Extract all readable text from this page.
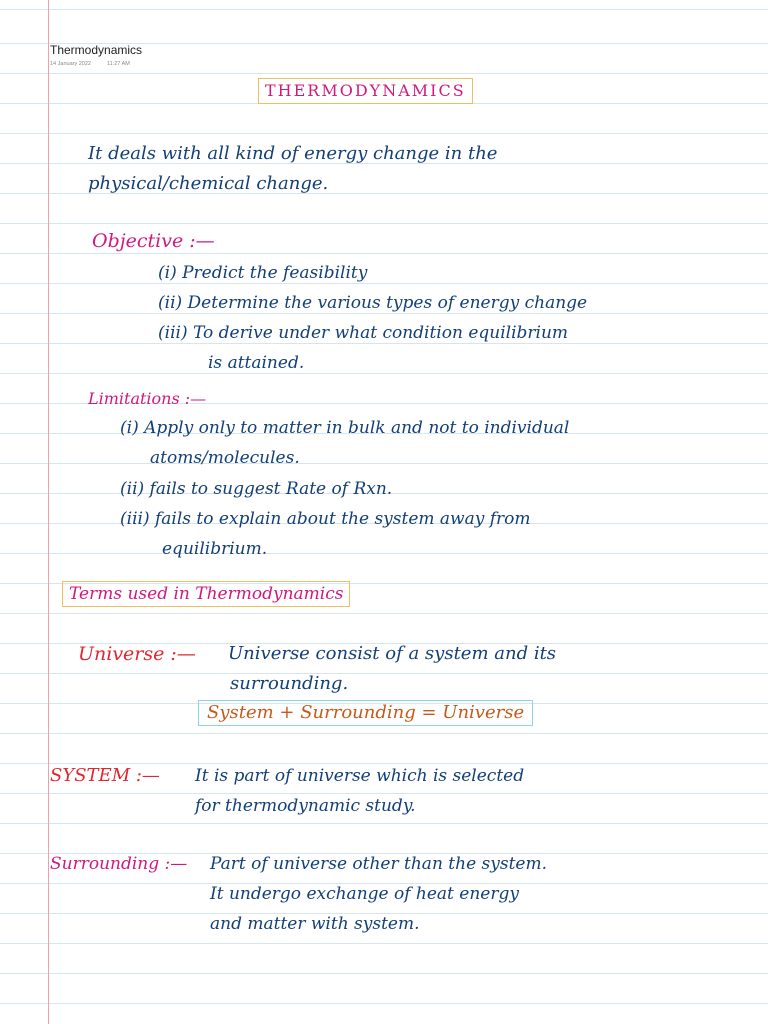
Thermodynamics
14 January 2022	11:27 AM
THERMODYNAMICS
It deals with all kind of energy change in the
physical/chemical change.
Objective :—
(i) Predict the feasibility
(ii) Determine the various types of energy change
(iii) To derive under what condition equilibrium
is attained.
Limitations :—
(i) Apply only to matter in bulk and not to individual
atoms/molecules.
(ii) fails to suggest Rate of Rxn.
(iii) fails to explain about the system away from
equilibrium.
Terms used in Thermodynamics
Universe :— Universe consist of a system and its
surrounding.
System + Surrounding = Universe
SYSTEM :— It is part of universe which is selected
for thermodynamic study.
Surrounding :— Part of universe other than the system.
It undergo exchange of heat energy
and matter with system.
